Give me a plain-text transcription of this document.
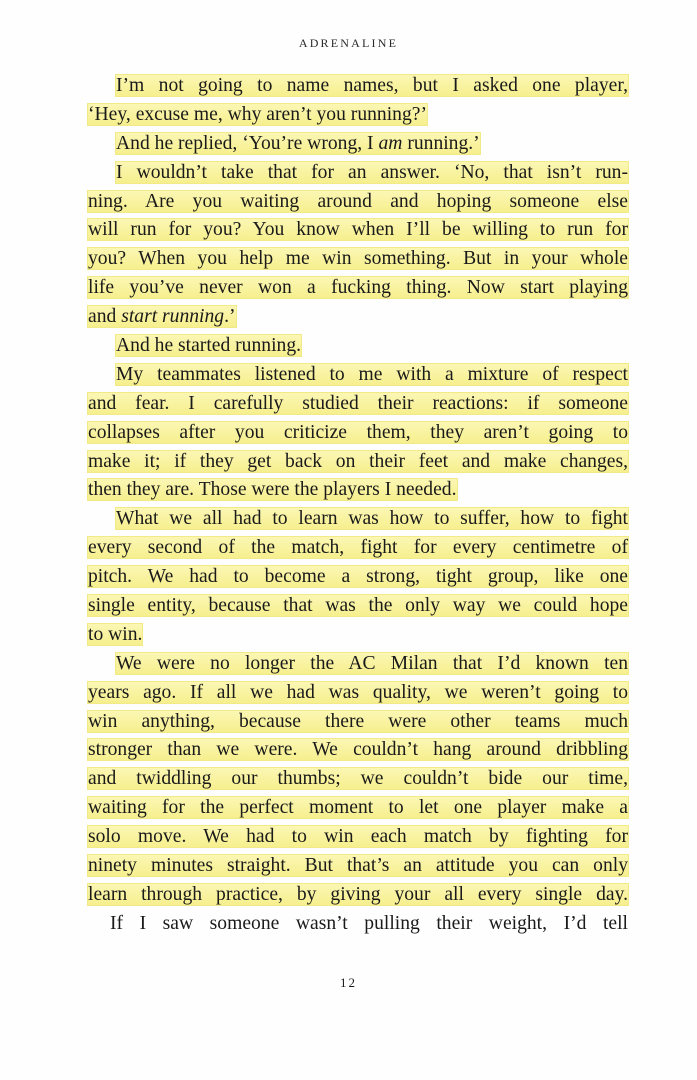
ADRENALINE
I’m not going to name names, but I asked one player,
‘Hey, excuse me, why aren’t you running?’
And he replied, ‘You’re wrong, I am running.’
I wouldn’t take that for an answer. ‘No, that isn’t run-
ning. Are you waiting around and hoping someone else
will run for you? You know when I’ll be willing to run for
you? When you help me win something. But in your whole
life you’ve never won a fucking thing. Now start playing
and start running.’
And he started running.
My teammates listened to me with a mixture of respect
and fear. I carefully studied their reactions: if someone
collapses after you criticize them, they aren’t going to
make it; if they get back on their feet and make changes,
then they are. Those were the players I needed.
What we all had to learn was how to suffer, how to fight
every second of the match, fight for every centimetre of
pitch. We had to become a strong, tight group, like one
single entity, because that was the only way we could hope
to win.
We were no longer the AC Milan that I’d known ten
years ago. If all we had was quality, we weren’t going to
win anything, because there were other teams much
stronger than we were. We couldn’t hang around dribbling
and twiddling our thumbs; we couldn’t bide our time,
waiting for the perfect moment to let one player make a
solo move. We had to win each match by fighting for
ninety minutes straight. But that’s an attitude you can only
learn through practice, by giving your all every single day.
If I saw someone wasn’t pulling their weight, I’d tell
12
